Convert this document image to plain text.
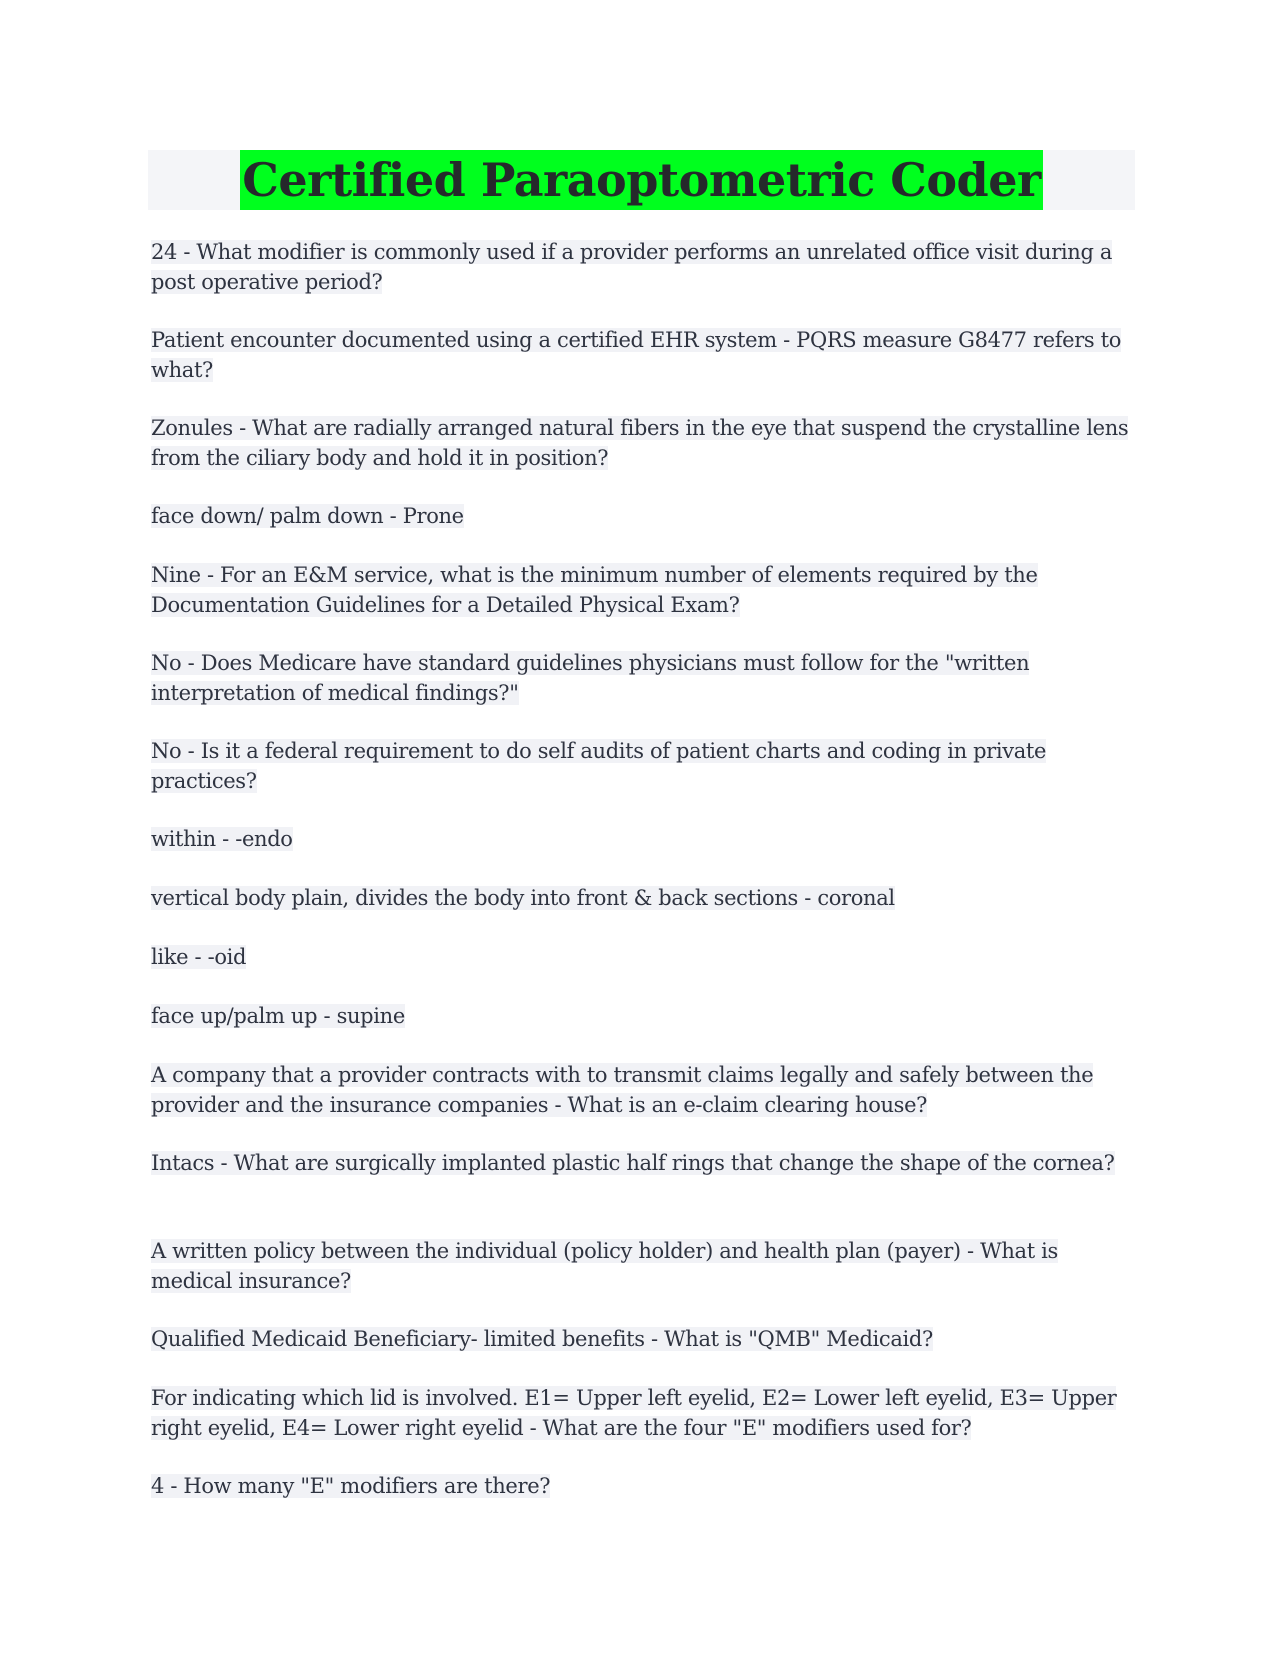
Certified Paraoptometric Coder

24 - What modifier is commonly used if a provider performs an unrelated office visit during a post operative period?

Patient encounter documented using a certified EHR system - PQRS measure G8477 refers to what?

Zonules - What are radially arranged natural fibers in the eye that suspend the crystalline lens from the ciliary body and hold it in position?

face down/ palm down - Prone

Nine - For an E&M service, what is the minimum number of elements required by the Documentation Guidelines for a Detailed Physical Exam?

No - Does Medicare have standard guidelines physicians must follow for the "written interpretation of medical findings?"

No - Is it a federal requirement to do self audits of patient charts and coding in private practices?

within - -endo

vertical body plain, divides the body into front & back sections - coronal

like - -oid

face up/palm up - supine

A company that a provider contracts with to transmit claims legally and safely between the provider and the insurance companies - What is an e-claim clearing house?

Intacs - What are surgically implanted plastic half rings that change the shape of the cornea?

A written policy between the individual (policy holder) and health plan (payer) - What is medical insurance?

Qualified Medicaid Beneficiary- limited benefits - What is "QMB" Medicaid?

For indicating which lid is involved. E1= Upper left eyelid, E2= Lower left eyelid, E3= Upper right eyelid, E4= Lower right eyelid - What are the four "E" modifiers used for?

4 - How many "E" modifiers are there?
